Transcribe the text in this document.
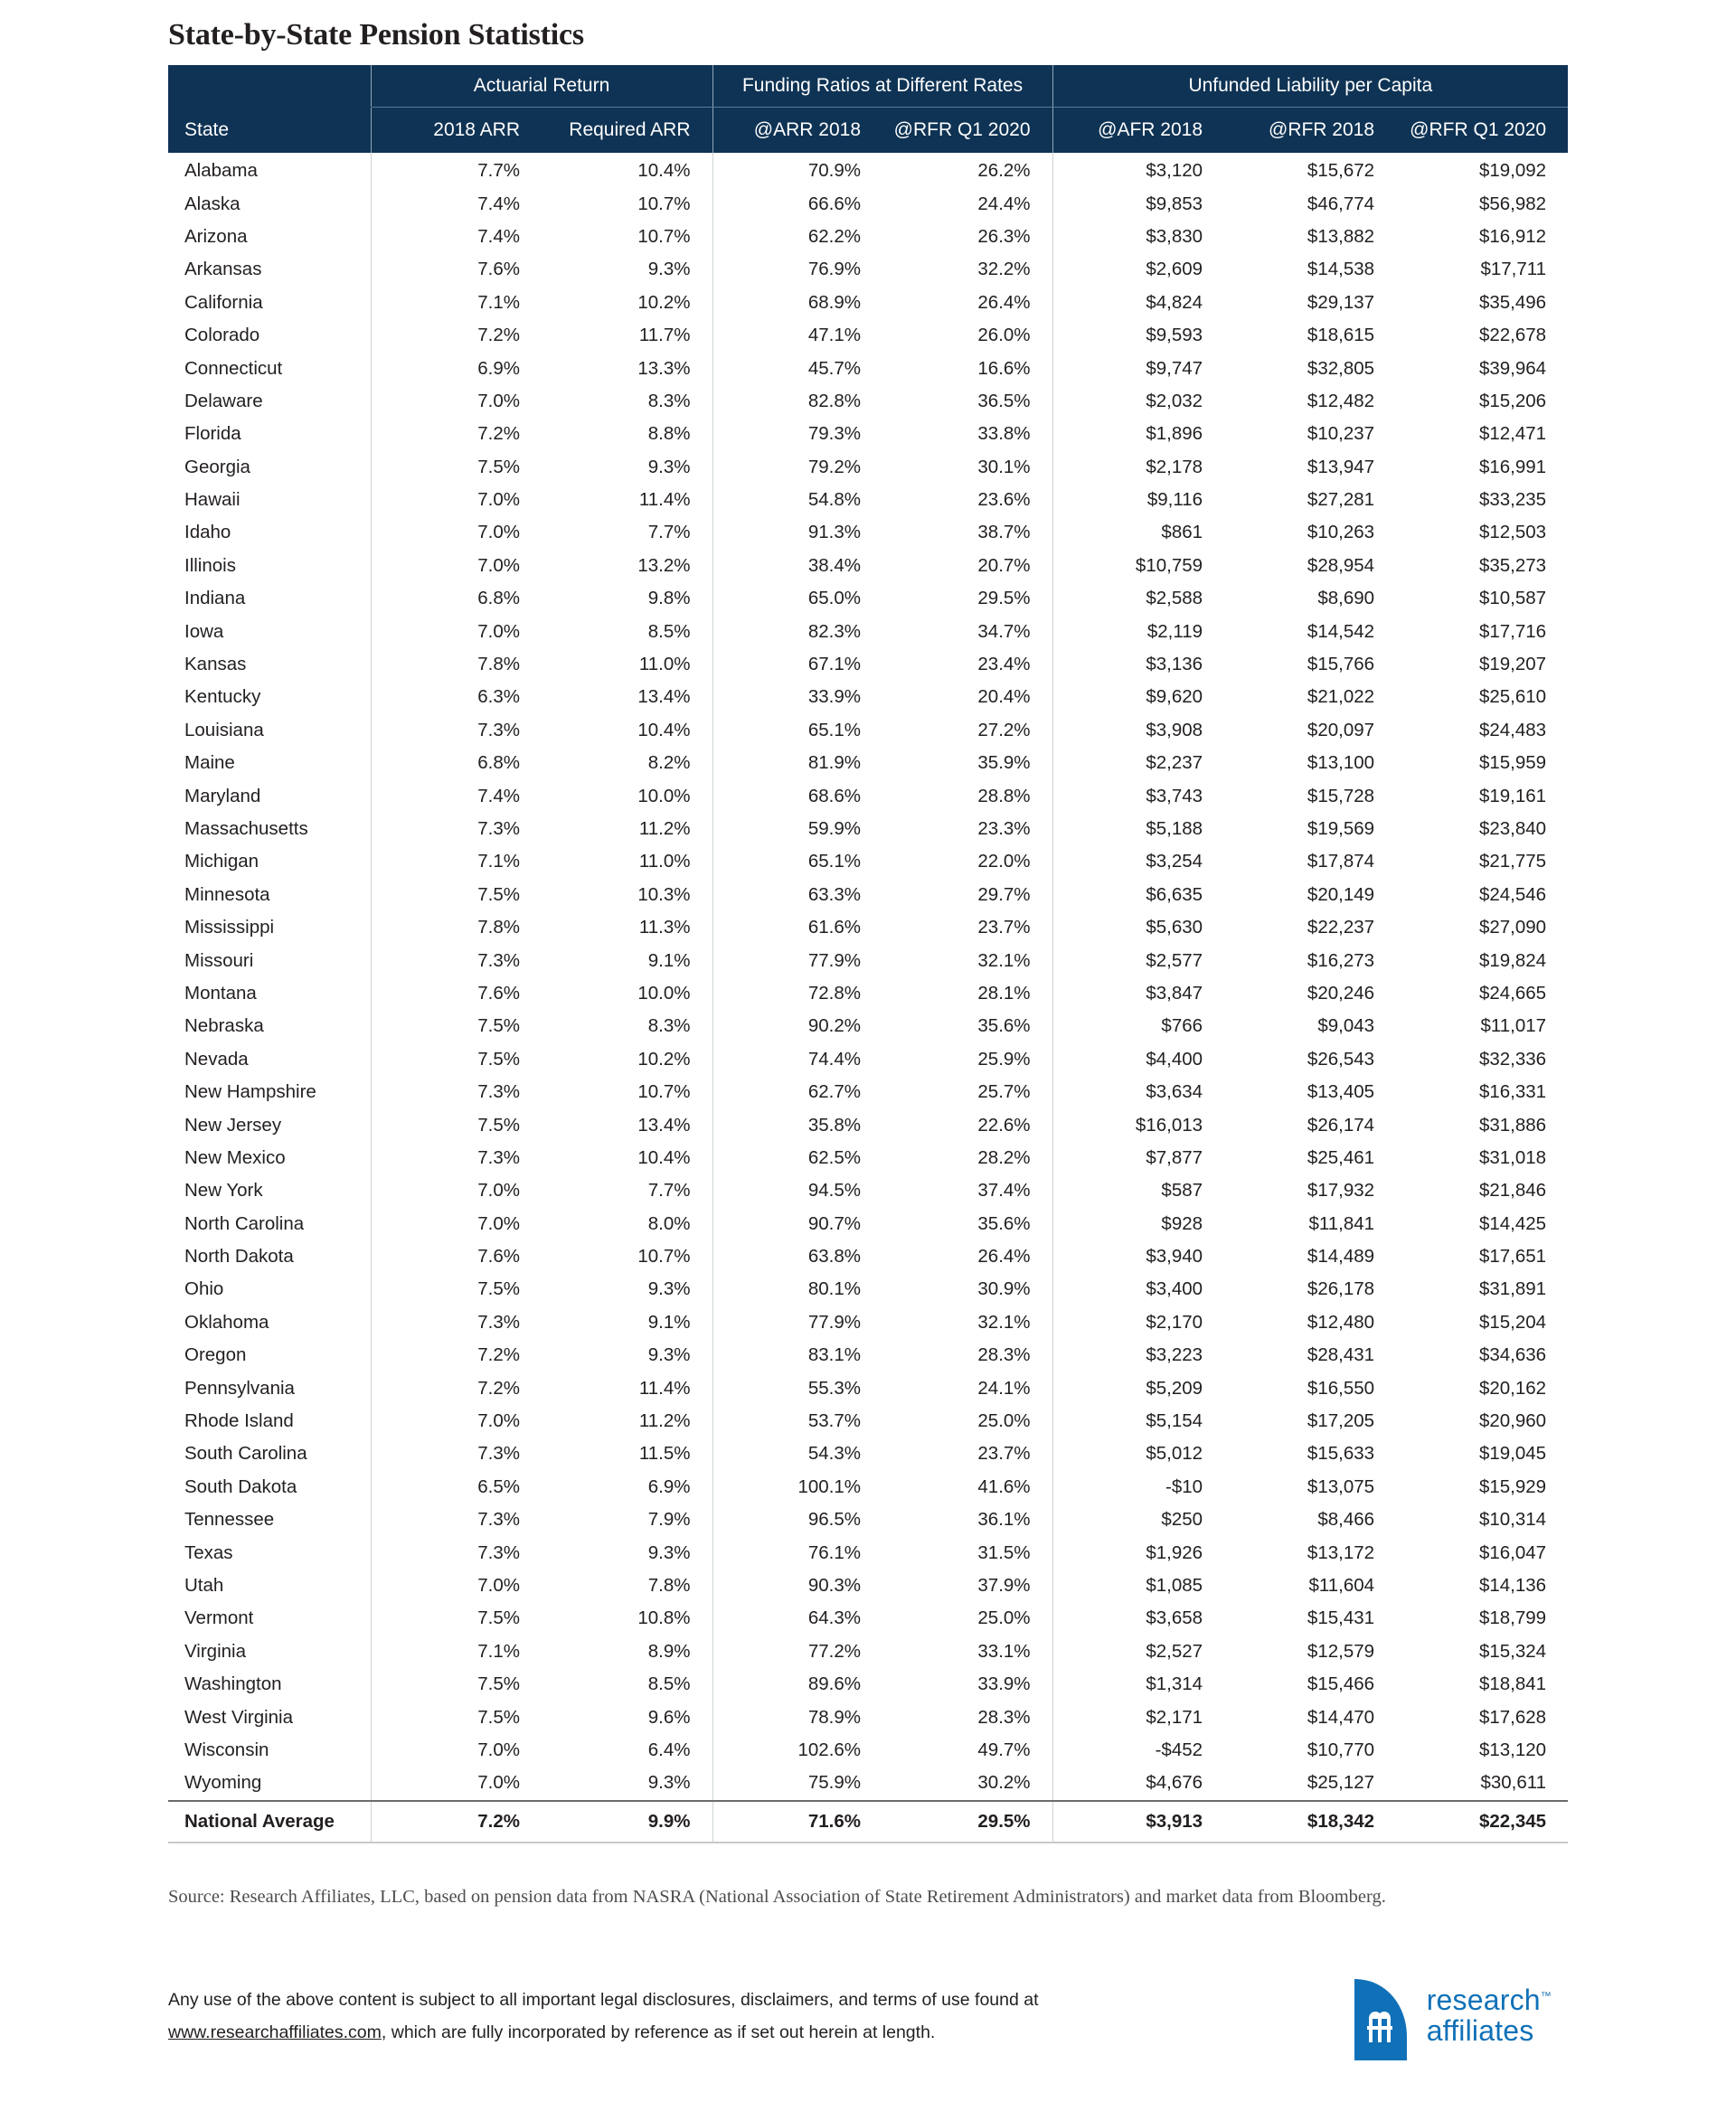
State-by-State Pension Statistics
	Actuarial Return		Funding Ratios at Different Rates		Unfunded Liability per Capita		
State	2018 ARR	Required ARR	@ARR 2018	@RFR Q1 2020	@AFR 2018	@RFR 2018	@RFR Q1 2020
Alabama	7.7%	10.4%	70.9%	26.2%	$3,120	$15,672	$19,092
Alaska	7.4%	10.7%	66.6%	24.4%	$9,853	$46,774	$56,982
Arizona	7.4%	10.7%	62.2%	26.3%	$3,830	$13,882	$16,912
Arkansas	7.6%	9.3%	76.9%	32.2%	$2,609	$14,538	$17,711
California	7.1%	10.2%	68.9%	26.4%	$4,824	$29,137	$35,496
Colorado	7.2%	11.7%	47.1%	26.0%	$9,593	$18,615	$22,678
Connecticut	6.9%	13.3%	45.7%	16.6%	$9,747	$32,805	$39,964
Delaware	7.0%	8.3%	82.8%	36.5%	$2,032	$12,482	$15,206
Florida	7.2%	8.8%	79.3%	33.8%	$1,896	$10,237	$12,471
Georgia	7.5%	9.3%	79.2%	30.1%	$2,178	$13,947	$16,991
Hawaii	7.0%	11.4%	54.8%	23.6%	$9,116	$27,281	$33,235
Idaho	7.0%	7.7%	91.3%	38.7%	$861	$10,263	$12,503
Illinois	7.0%	13.2%	38.4%	20.7%	$10,759	$28,954	$35,273
Indiana	6.8%	9.8%	65.0%	29.5%	$2,588	$8,690	$10,587
Iowa	7.0%	8.5%	82.3%	34.7%	$2,119	$14,542	$17,716
Kansas	7.8%	11.0%	67.1%	23.4%	$3,136	$15,766	$19,207
Kentucky	6.3%	13.4%	33.9%	20.4%	$9,620	$21,022	$25,610
Louisiana	7.3%	10.4%	65.1%	27.2%	$3,908	$20,097	$24,483
Maine	6.8%	8.2%	81.9%	35.9%	$2,237	$13,100	$15,959
Maryland	7.4%	10.0%	68.6%	28.8%	$3,743	$15,728	$19,161
Massachusetts	7.3%	11.2%	59.9%	23.3%	$5,188	$19,569	$23,840
Michigan	7.1%	11.0%	65.1%	22.0%	$3,254	$17,874	$21,775
Minnesota	7.5%	10.3%	63.3%	29.7%	$6,635	$20,149	$24,546
Mississippi	7.8%	11.3%	61.6%	23.7%	$5,630	$22,237	$27,090
Missouri	7.3%	9.1%	77.9%	32.1%	$2,577	$16,273	$19,824
Montana	7.6%	10.0%	72.8%	28.1%	$3,847	$20,246	$24,665
Nebraska	7.5%	8.3%	90.2%	35.6%	$766	$9,043	$11,017
Nevada	7.5%	10.2%	74.4%	25.9%	$4,400	$26,543	$32,336
New Hampshire	7.3%	10.7%	62.7%	25.7%	$3,634	$13,405	$16,331
New Jersey	7.5%	13.4%	35.8%	22.6%	$16,013	$26,174	$31,886
New Mexico	7.3%	10.4%	62.5%	28.2%	$7,877	$25,461	$31,018
New York	7.0%	7.7%	94.5%	37.4%	$587	$17,932	$21,846
North Carolina	7.0%	8.0%	90.7%	35.6%	$928	$11,841	$14,425
North Dakota	7.6%	10.7%	63.8%	26.4%	$3,940	$14,489	$17,651
Ohio	7.5%	9.3%	80.1%	30.9%	$3,400	$26,178	$31,891
Oklahoma	7.3%	9.1%	77.9%	32.1%	$2,170	$12,480	$15,204
Oregon	7.2%	9.3%	83.1%	28.3%	$3,223	$28,431	$34,636
Pennsylvania	7.2%	11.4%	55.3%	24.1%	$5,209	$16,550	$20,162
Rhode Island	7.0%	11.2%	53.7%	25.0%	$5,154	$17,205	$20,960
South Carolina	7.3%	11.5%	54.3%	23.7%	$5,012	$15,633	$19,045
South Dakota	6.5%	6.9%	100.1%	41.6%	-$10	$13,075	$15,929
Tennessee	7.3%	7.9%	96.5%	36.1%	$250	$8,466	$10,314
Texas	7.3%	9.3%	76.1%	31.5%	$1,926	$13,172	$16,047
Utah	7.0%	7.8%	90.3%	37.9%	$1,085	$11,604	$14,136
Vermont	7.5%	10.8%	64.3%	25.0%	$3,658	$15,431	$18,799
Virginia	7.1%	8.9%	77.2%	33.1%	$2,527	$12,579	$15,324
Washington	7.5%	8.5%	89.6%	33.9%	$1,314	$15,466	$18,841
West Virginia	7.5%	9.6%	78.9%	28.3%	$2,171	$14,470	$17,628
Wisconsin	7.0%	6.4%	102.6%	49.7%	-$452	$10,770	$13,120
Wyoming	7.0%	9.3%	75.9%	30.2%	$4,676	$25,127	$30,611
National Average	7.2%	9.9%	71.6%	29.5%	$3,913	$18,342	$22,345

Source: Research Affiliates, LLC, based on pension data from NASRA (National Association of State Retirement Administrators) and market data from Bloomberg.

Any use of the above content is subject to all important legal disclosures, disclaimers, and terms of use found at www.researchaffiliates.com, which are fully incorporated by reference as if set out herein at length.
research™
affiliates
